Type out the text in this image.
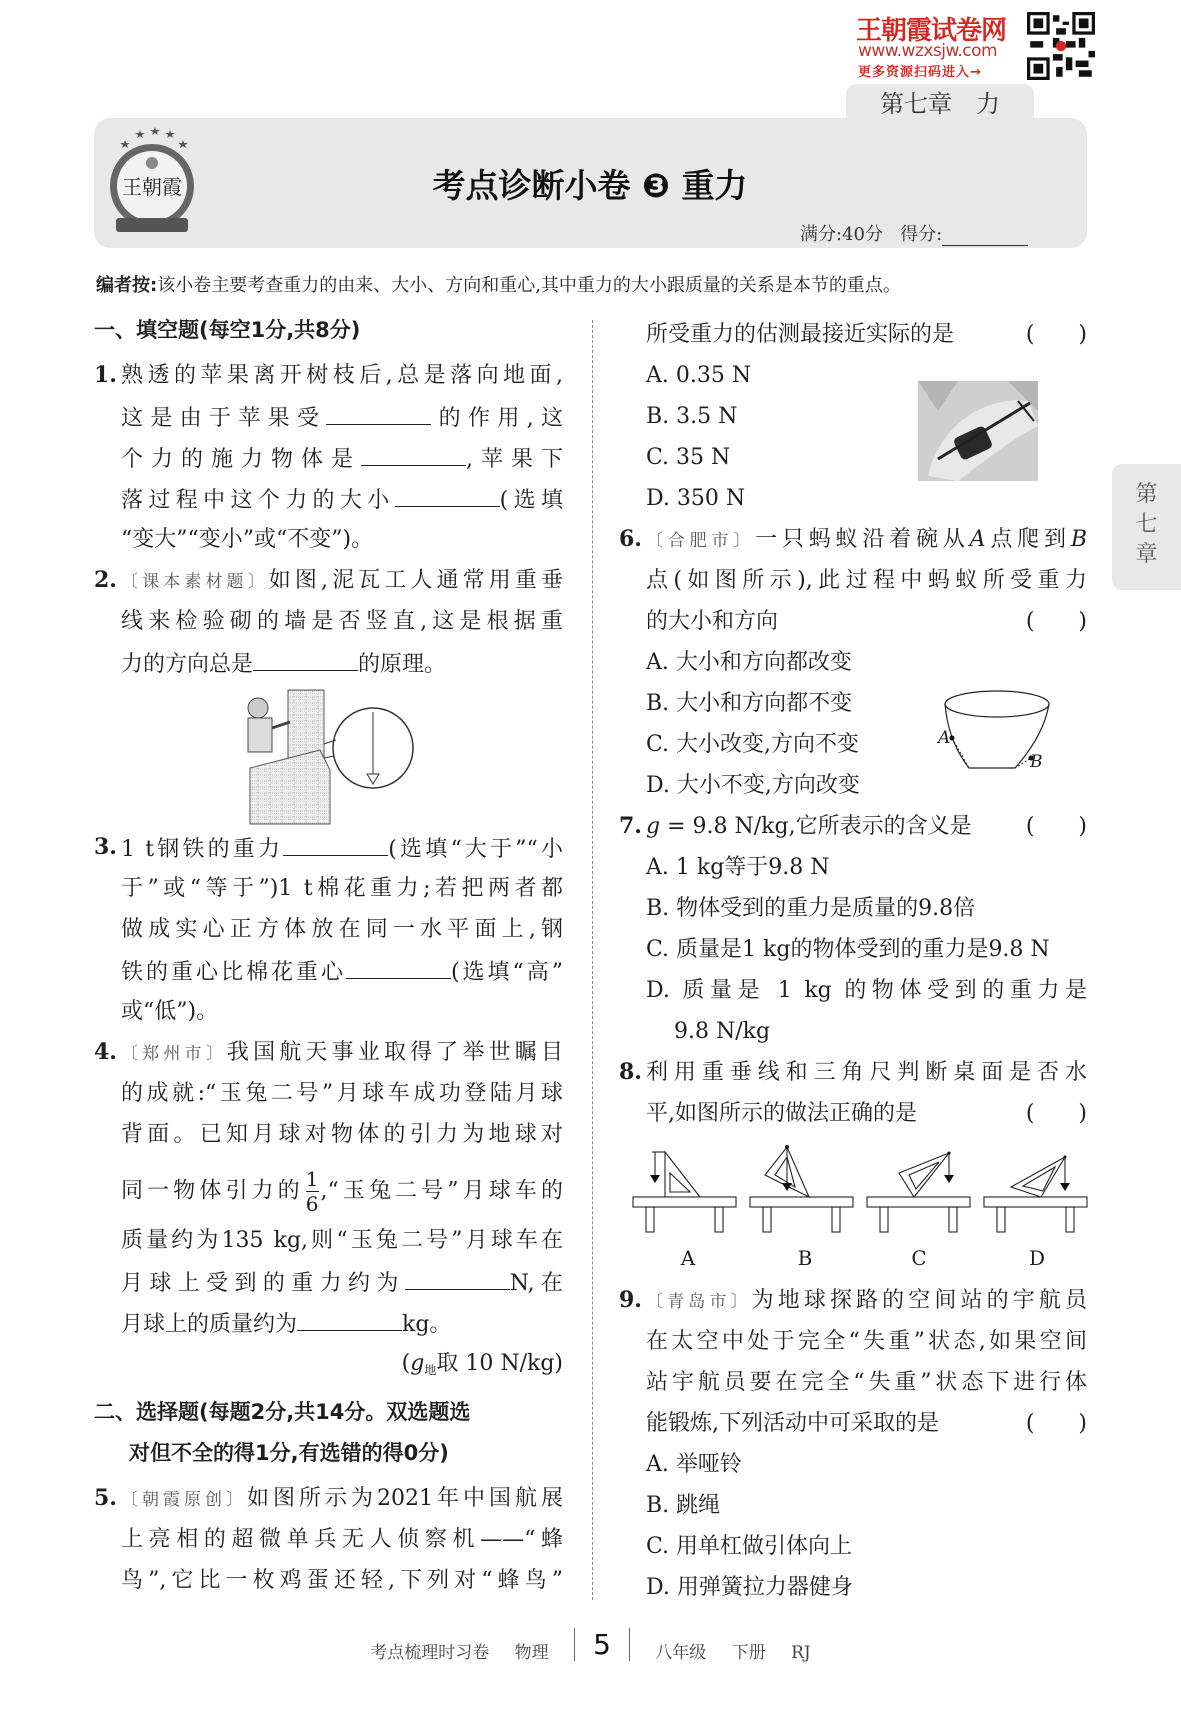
王朝霞试卷网
www.wzxsjw.com
更多资源扫码进入→
第七章　力
王朝霞	考点诊断小卷 ❸ 重力
满分:40分 得分:
编者按:该小卷主要考查重力的由来、大小、方向和重心,其中重力的大小跟质量的关系是本节的重点。
一、填空题(每空1分,共8分)
1. 熟透的苹果离开树枝后,总是落向地面,
这是由于苹果受	的作用,这
个力的施力物体是	,苹果下
落过程中这个力的大小	(选填
“变大”“变小”或“不变”)。
2. 〔课本素材题〕如图,泥瓦工人通常用重垂
线来检验砌的墙是否竖直,这是根据重
力的方向总是	的原理。
3. 1 t钢铁的重力	(选填“大于”“小
于”或“等于”)1 t棉花重力;若把两者都
做成实心正方体放在同一水平面上,钢
铁的重心比棉花重心	(选填“高”
或“低”)。
4. 〔郑州市〕我国航天事业取得了举世瞩目
的成就:“玉兔二号”月球车成功登陆月球
背面。已知月球对物体的引力为地球对
同一物体引力的 $\frac{1}{6}$ ,“玉兔二号”月球车的
质量约为135 kg,则“玉兔二号”月球车在
月球上受到的重力约为	N,在
月球上的质量约为	kg。
($g_地$取 10 N/kg)
二、选择题(每题2分,共14分。双选题选
对但不全的得1分,有选错的得0分)
5. 〔朝霞原创〕如图所示为2021年中国航展
上亮相的超微单兵无人侦察机——“蜂
鸟”,它比一枚鸡蛋还轻,下列对“蜂鸟”
所受重力的估测最接近实际的是	(　　)
A. 0.35 N
B. 3.5 N
C. 35 N
D. 350 N
6. 〔合肥市〕一只蚂蚁沿着碗从A点爬到B
点(如图所示),此过程中蚂蚁所受重力
的大小和方向	(　　)
A. 大小和方向都改变
B. 大小和方向都不变
C. 大小改变,方向不变
D. 大小不变,方向改变
7. g = 9.8 N/kg,它所表示的含义是 (　　)
A. 1 kg等于9.8 N
B. 物体受到的重力是质量的9.8倍
C. 质量是1 kg的物体受到的重力是9.8 N
D. 质量是 1 kg 的物体受到的重力是
9.8 N/kg
8. 利用重垂线和三角尺判断桌面是否水
平,如图所示的做法正确的是	(　　)
9. 〔青岛市〕为地球探路的空间站的宇航员
在太空中处于完全“失重”状态,如果空间
站宇航员要在完全“失重”状态下进行体
能锻炼,下列活动中可采取的是	(　　)
A. 举哑铃
B. 跳绳
C. 用单杠做引体向上
D. 用弹簧拉力器健身
第
七
章
A
B
A	B	C	D
考点梳理时习卷 物理 5	八年级 下册 RJ
